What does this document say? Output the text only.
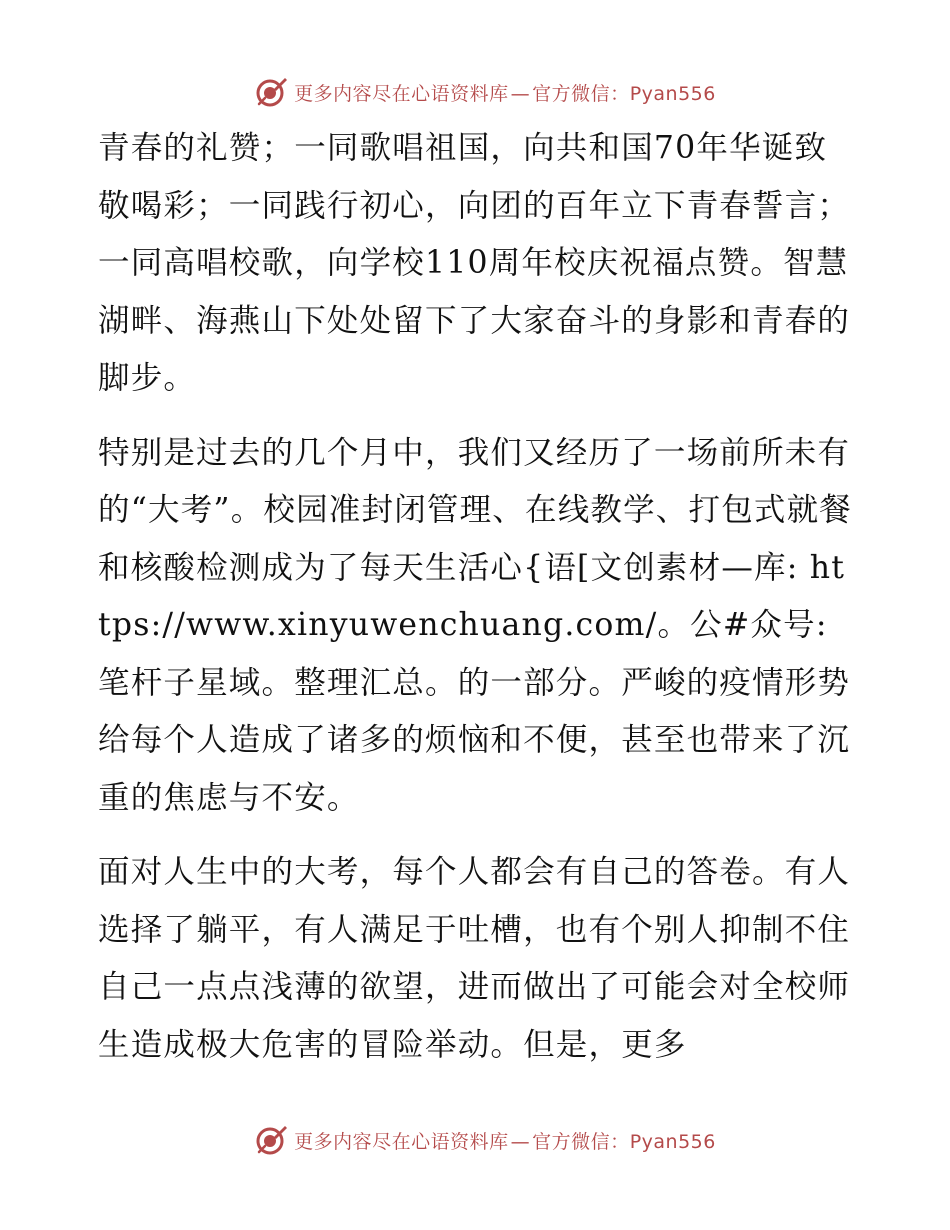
更多内容尽在心语资料库 — 官方微信：Pyan556

青春的礼赞；一同歌唱祖国，向共和国70年华诞致敬喝彩；一同践行初心，向团的百年立下青春誓言；一同高唱校歌，向学校110周年校庆祝福点赞。智慧湖畔、海燕山下处处留下了大家奋斗的身影和青春的脚步。

特别是过去的几个月中，我们又经历了一场前所未有的“大考”。校园准封闭管理、在线教学、打包式就餐和核酸检测成为了每天生活心{语[文创素材—库: https://www.xinyuwenchuang.com/。公#众号: 笔杆子星域。整理汇总。的一部分。严峻的疫情形势给每个人造成了诸多的烦恼和不便，甚至也带来了沉重的焦虑与不安。

面对人生中的大考，每个人都会有自己的答卷。有人选择了躺平，有人满足于吐槽，也有个别人抑制不住自己一点点浅薄的欲望，进而做出了可能会对全校师生造成极大危害的冒险举动。但是，更多

更多内容尽在心语资料库 — 官方微信：Pyan556
